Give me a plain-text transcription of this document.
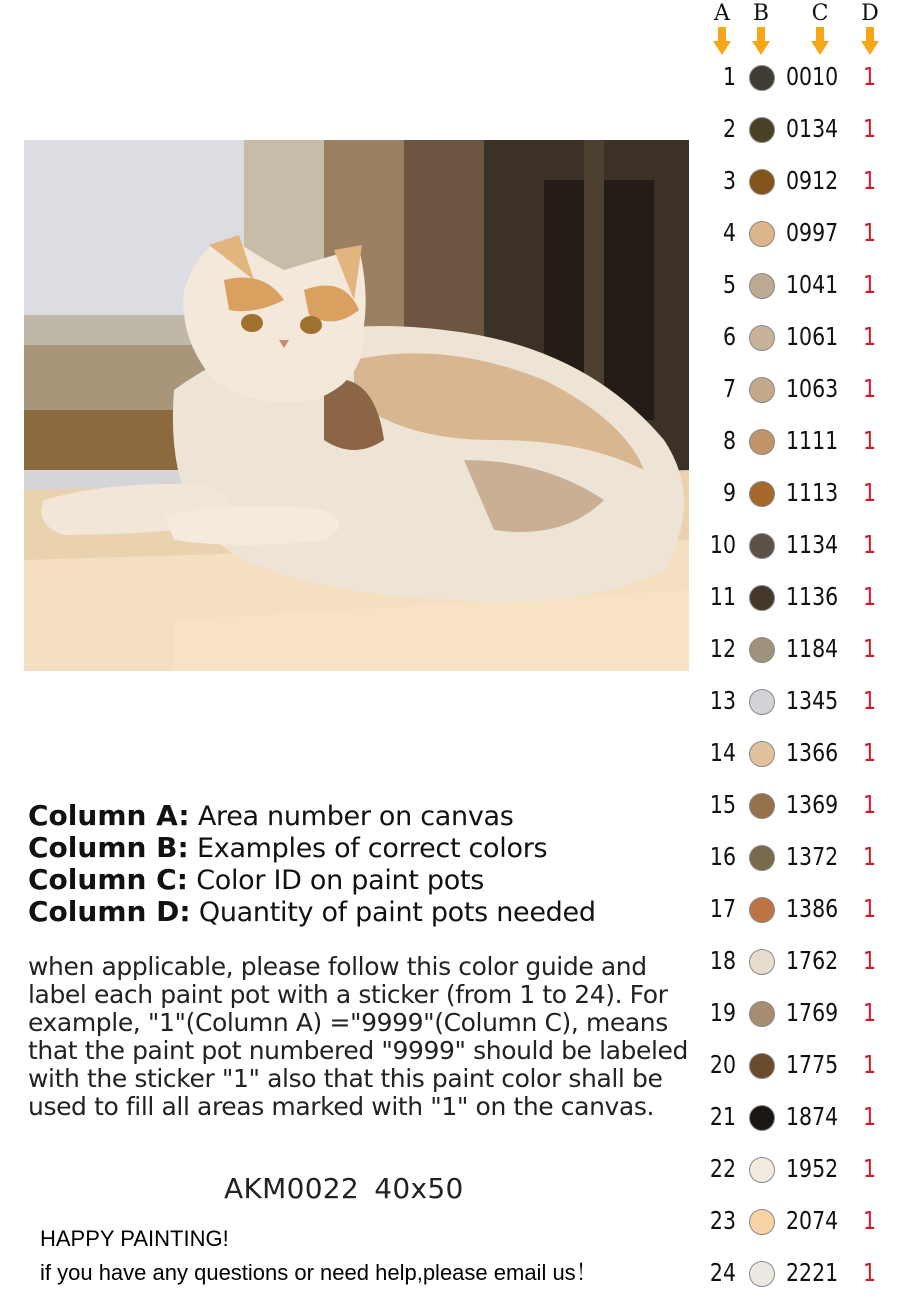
A	B	C D
1 0010 1
2 0134 1
3 0912 1
4 0997 1
5 1041 1
6 1061 1
7 1063 1
8 1111 1
9 1113 1
10 1134 1
11 1136 1
12 1184 1
13 1345 1
14 1366 1
15 1369 1
16 1372 1
17 1386 1
18 1762 1
19 1769 1
20 1775 1
21 1874 1
22 1952 1
23 2074 1
24 2221 1
Column A: Area number on canvas
Column B: Examples of correct colors
Column C: Color ID on paint pots
Column D: Quantity of paint pots needed
when applicable, please follow this color guide and label each paint pot with a sticker (from 1 to 24). For example, "1"(Column A) ="9999"(Column C), means that the paint pot numbered "9999" should be labeled with the sticker "1" also that this paint color shall be used to fill all areas marked with "1" on the canvas.
AKM0022 40x50
HAPPY PAINTING!
if you have any questions or need help,please email us！
